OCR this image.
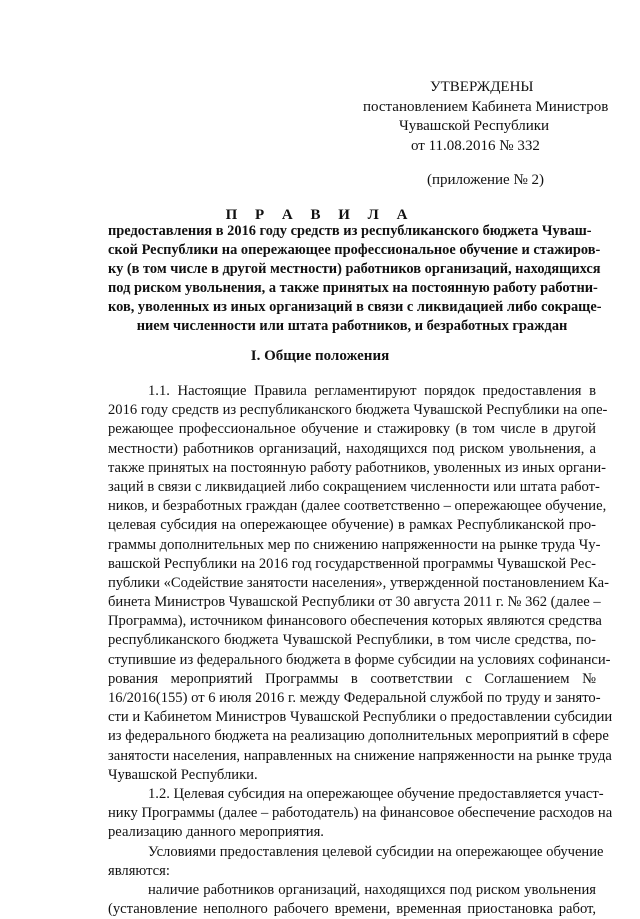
УТВЕРЖДЕНЫ
постановлением Кабинета Министров
Чувашской Республики
от 11.08.2016 № 332
(приложение № 2)
П Р А В И Л А
предоставления в 2016 году средств из республиканского бюджета Чуваш-
ской Республики на опережающее профессиональное обучение и стажиров-
ку (в том числе в другой местности) работников организаций, находящихся
под риском увольнения, а также принятых на постоянную работу работни-
ков, уволенных из иных организаций в связи с ликвидацией либо сокраще-
нием численности или штата работников, и безработных граждан
I. Общие положения
1.1. Настоящие Правила регламентируют порядок предоставления в
2016 году средств из республиканского бюджета Чувашской Республики на опе-
режающее профессиональное обучение и стажировку (в том числе в другой
местности) работников организаций, находящихся под риском увольнения, а
также принятых на постоянную работу работников, уволенных из иных органи-
заций в связи с ликвидацией либо сокращением численности или штата работ-
ников, и безработных граждан (далее соответственно – опережающее обучение,
целевая субсидия на опережающее обучение) в рамках Республиканской про-
граммы дополнительных мер по снижению напряженности на рынке труда Чу-
вашской Республики на 2016 год государственной программы Чувашской Рес-
публики «Содействие занятости населения», утвержденной постановлением Ка-
бинета Министров Чувашской Республики от 30 августа 2011 г. № 362 (далее –
Программа), источником финансового обеспечения которых являются средства
республиканского бюджета Чувашской Республики, в том числе средства, по-
ступившие из федерального бюджета в форме субсидии на условиях софинанси-
рования мероприятий Программы в соответствии с Соглашением №
16/2016(155) от 6 июля 2016 г. между Федеральной службой по труду и занято-
сти и Кабинетом Министров Чувашской Республики о предоставлении субсидии
из федерального бюджета на реализацию дополнительных мероприятий в сфере
занятости населения, направленных на снижение напряженности на рынке труда
Чувашской Республики.
1.2. Целевая субсидия на опережающее обучение предоставляется участ-
нику Программы (далее – работодатель) на финансовое обеспечение расходов на
реализацию данного мероприятия.
Условиями предоставления целевой субсидии на опережающее обучение
являются:
наличие работников организаций, находящихся под риском увольнения
(установление неполного рабочего времени, временная приостановка работ,
